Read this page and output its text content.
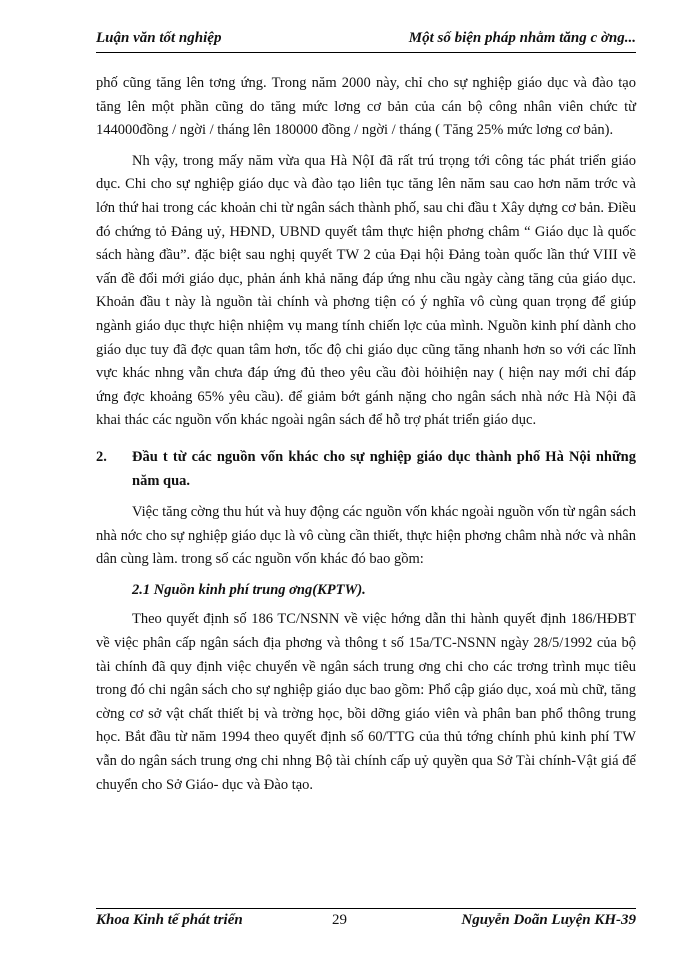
Luận văn tốt nghiệp	Một số biện pháp nhằm tăng c ờng...

phố cũng tăng lên tơng ứng. Trong năm 2000 này, chỉ cho sự nghiệp giáo dục và đào tạo tăng lên một phần cũng do tăng mức lơng cơ bản của cán bộ công nhân viên chức từ 144000đồng / ngời / tháng lên 180000 đồng / ngời / tháng ( Tăng 25% mức lơng cơ bản).

Nh vậy, trong mấy năm vừa qua Hà NộI đã rất trú trọng tới công tác phát triển giáo dục. Chi cho sự nghiệp giáo dục và đào tạo liên tục tăng lên năm sau cao hơn năm trớc và lớn thứ hai trong các khoản chi từ ngân sách thành phố, sau chi đầu t Xây dựng cơ bản. Điều đó chứng tỏ Đảng uỷ, HĐND, UBND quyết tâm thực hiện phơng châm “ Giáo dục là quốc sách hàng đầu”. đặc biệt sau nghị quyết TW 2 của Đại hội Đảng toàn quốc lần thứ VIII về vấn đề đổi mới giáo dục, phản ánh khả năng đáp ứng nhu cầu ngày càng tăng của giáo dục. Khoản đầu t này là nguồn tài chính và phơng tiện có ý nghĩa vô cùng quan trọng để giúp ngành giáo dục thực hiện nhiệm vụ mang tính chiến lợc của mình. Nguồn kinh phí dành cho giáo dục tuy đã đợc quan tâm hơn, tốc độ chi giáo dục cũng tăng nhanh hơn so với các lĩnh vực khác nhng vẫn chưa đáp ứng đủ theo yêu cầu đòi hỏihiện nay ( hiện nay mới chỉ đáp ứng đợc khoảng 65% yêu cầu). để giảm bớt gánh nặng cho ngân sách nhà nớc Hà Nội đã khai thác các nguồn vốn khác ngoài ngân sách để hỗ trợ phát triển giáo dục.

2.	Đầu t từ các nguồn vốn khác cho sự nghiệp giáo dục thành phố Hà Nội những năm qua.

Việc tăng cờng thu hút và huy động các nguồn vốn khác ngoài nguồn vốn từ ngân sách nhà nớc cho sự nghiệp giáo dục là vô cùng cần thiết, thực hiện phơng châm nhà nớc và nhân dân cùng làm. trong số các nguồn vốn khác đó bao gồm:

2.1 Nguồn kinh phí trung ơng(KPTW).

Theo quyết định số 186 TC/NSNN về việc hớng dẫn thi hành quyết định 186/HĐBT về việc phân cấp ngân sách địa phơng và thông t số 15a/TC-NSNN ngày 28/5/1992 của bộ tài chính đã quy định việc chuyển về ngân sách trung ơng chi cho các trơng trình mục tiêu trong đó chi ngân sách cho sự nghiệp giáo dục bao gồm: Phổ cập giáo dục, xoá mù chữ, tăng cờng cơ sở vật chất thiết bị và trờng học, bồi dỡng giáo viên và phân ban phổ thông trung học. Bắt đầu từ năm 1994 theo quyết định số 60/TTG của thủ tớng chính phủ kinh phí TW vẫn do ngân sách trung ơng chi nhng Bộ tài chính cấp uỷ quyền qua Sở Tài chính-Vật giá để chuyển cho Sở Giáo- dục và Đào tạo.

Khoa Kinh tế phát triển	29	Nguyễn Doãn Luyện KH-39
